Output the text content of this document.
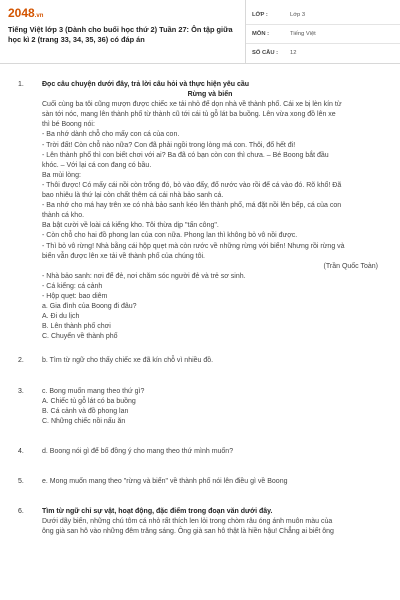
2048.vn
Tiếng Việt lớp 3 (Dành cho buổi học thứ 2) Tuần 27: Ôn tập giữa học kì 2 (trang 33, 34, 35, 36) có đáp án
LỚP :	Lớp 3
MÔN :	Tiếng Việt
SỐ CÂU :	12
1.	Đọc câu chuyện dưới đây, trả lời câu hỏi và thực hiện yêu cầu
Rừng và biển
Cuối cùng ba tôi cũng mượn được chiếc xe tải nhỏ để dọn nhà về thành phố. Cái xe bị lèn kín từ
sàn tới nóc, mang lên thành phố từ thành cũ tới cái tủ gỗ lát ba buồng. Lên vừa xong đồ lên xe
thì bé Boong nói:
- Ba nhớ dành chỗ cho mấy con cá của con.
- Trời đất! Còn chỗ nào nữa? Con đã phải ngồi trong lòng má con. Thôi, đổ hết đi!
- Lên thành phố thì con biết chơi với ai? Ba đã có bạn còn con thì chưa. – Bé Boong bắt đầu
khóc. – Với lại cá con đang có bầu.
Ba mủi lòng:
- Thôi được! Có mấy cái nồi còn trống đó, bỏ vào đấy, đổ nước vào rồi để cá vào đó. Rõ khổ! Đã
bao nhiêu là thứ lại còn chất thêm cá cái nhà bảo sanh cá.
- Ba nhớ cho má hay trên xe có nhà bảo sanh kéo lên thành phố, má đặt nồi lên bếp, cá của con
thành cá kho.
Ba bật cười về loài cá kiểng kho. Tôi thừa dịp "tấn công".
- Còn chỗ cho hai đồ phong lan của con nữa. Phong lan thì không bỏ vô nồi được.
- Thì bỏ vô rừng! Nhà bằng cái hộp quẹt mà còn rước về những rừng với biển! Nhưng rồi rừng và
biển vẫn được lên xe tải về thành phố của chúng tôi.
(Trần Quốc Toàn)
- Nhà bảo sanh: nơi để đẻ, nơi chăm sóc người đẻ và trẻ sơ sinh.
- Cá kiểng: cá cảnh
- Hộp quẹt: bao diêm
a. Gia đình của Boong đi đâu?
A. Đi du lịch
B. Lên thành phố chơi
C. Chuyển về thành phố
2.	b. Tìm từ ngữ cho thấy chiếc xe đã kín chỗ vì nhiều đồ.
3.	c. Bong muốn mang theo thứ gì?
A. Chiếc tủ gỗ lát có ba buồng
B. Cá cảnh và đồ phong lan
C. Những chiếc nồi nấu ăn
4.	d. Boong nói gì để bố đồng ý cho mang theo thứ mình muốn?
5.	e. Mong muốn mang theo "rừng và biển" về thành phố nói lên điều gì về Boong
6.	Tìm từ ngữ chỉ sự vật, hoạt động, đặc điểm trong đoạn văn dưới đây.
Dưới dãy biển, những chú tôm cá nhỏ rất thích len lỏi trong chòm râu óng ánh muôn màu của
ông già san hô vào những đêm trăng sáng. Ông già san hô thật là hiền hậu! Chẳng ai biết ông
